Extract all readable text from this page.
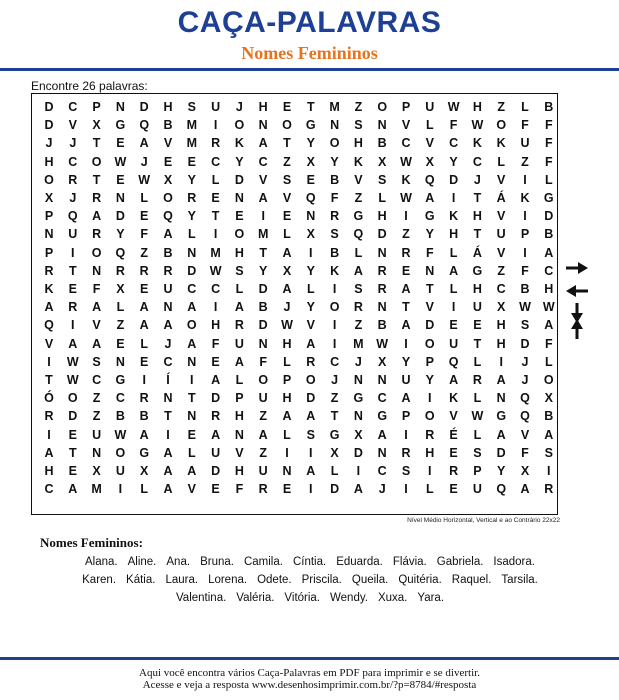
CAÇA-PALAVRAS
Nomes Femininos
Encontre 26 palavras:
D	C	P	N	D	H	S	U	J	H	E	T	M	Z	O	P	U	W	H	Z	L	B
D	V	X	G	Q	B	M	I	O	N	O	G	N	S	N	V	L	F	W	O	F	F
J	J	T	E	A	V	M	R	K	A	T	Y	O	H	B	C	V	C	K	K	U	F
H	C	O	W	J	E	E	C	Y	C	Z	X	Y	K	X	W	X	Y	C	L	Z	F
O	R	T	E	W	X	Y	L	D	V	S	E	B	V	S	K	Q	D	J	V	I	L
X	J	R	N	L	O	R	E	N	A	V	Q	F	Z	L	W	A	I	T	Á	K	G
P	Q	A	D	E	Q	Y	T	E	I	E	N	R	G	H	I	G	K	H	V	I	D
N	U	R	Y	F	A	L	I	O	M	L	X	S	Q	D	Z	Y	H	T	U	P	B
P	I	O	Q	Z	B	N	M	H	T	A	I	B	L	N	R	F	L	Á	V	I	A
R	T	N	R	R	R	D	W	S	Y	X	Y	K	A	R	E	N	A	G	Z	F	C
K	E	F	X	E	U	C	C	L	D	A	L	I	S	R	A	T	L	H	C	B	H
A	R	A	L	A	N	A	I	A	B	J	Y	O	R	N	T	V	I	U	X	W W
Q	I	V	Z	A	A	O	H	R	D	W	V	I	Z	B	A	D	E	E	H	S	A
V	A	A	E	L	J	A	F	U	N	H	A	I	M	W	I	O	U	T	H	D	F
I	W	S	N	E	C	N	E	A	F	L	R	C	J	X	Y	P	Q	L	I	J	L
T	W	C	G	I	Í	I	A	L	O	P	O	J	N	N	U	Y	A	R	A	J	O
Ó	O	Z	C	R	N	T	D	P	U	H	D	Z	G	C	A	I	K	L	N	Q	X
R	D	Z	B	B	T	N	R	H	Z	A	A	T	N	G	P	O	V	W	G	Q	B
I	E	U	W	A	I	E	A	N	A	L	S	G	X	A	I	R	É	L	A	V	A
A	T	N	O	G	A	L	U	V	Z	I	I	X	D	N	R	H	E	S	D	F	S
H	E	X	U	X	A	A	D	H	U	N	A	L	I	C	S	I	R	P	Y	X	I
C	A	M	I	L	A	V	E	F	R	E	I	D	A	J	I	L	E	U	Q	A	R
Nível Médio Horizontal, Vertical e ao Contrário 22x22
Nomes Femininos:
Alana. Aline. Ana. Bruna. Camila. Cíntia. Eduarda. Flávia. Gabriela. Isadora.
Karen. Kátia. Laura. Lorena. Odete. Priscila. Queila. Quitéria. Raquel. Tarsila.
Valentina. Valéria. Vitória. Wendy. Xuxa. Yara.
Aqui você encontra vários Caça-Palavras em PDF para imprimir e se divertir.
Acesse e veja a resposta www.desenhosimprimir.com.br/?p=8784/#resposta
